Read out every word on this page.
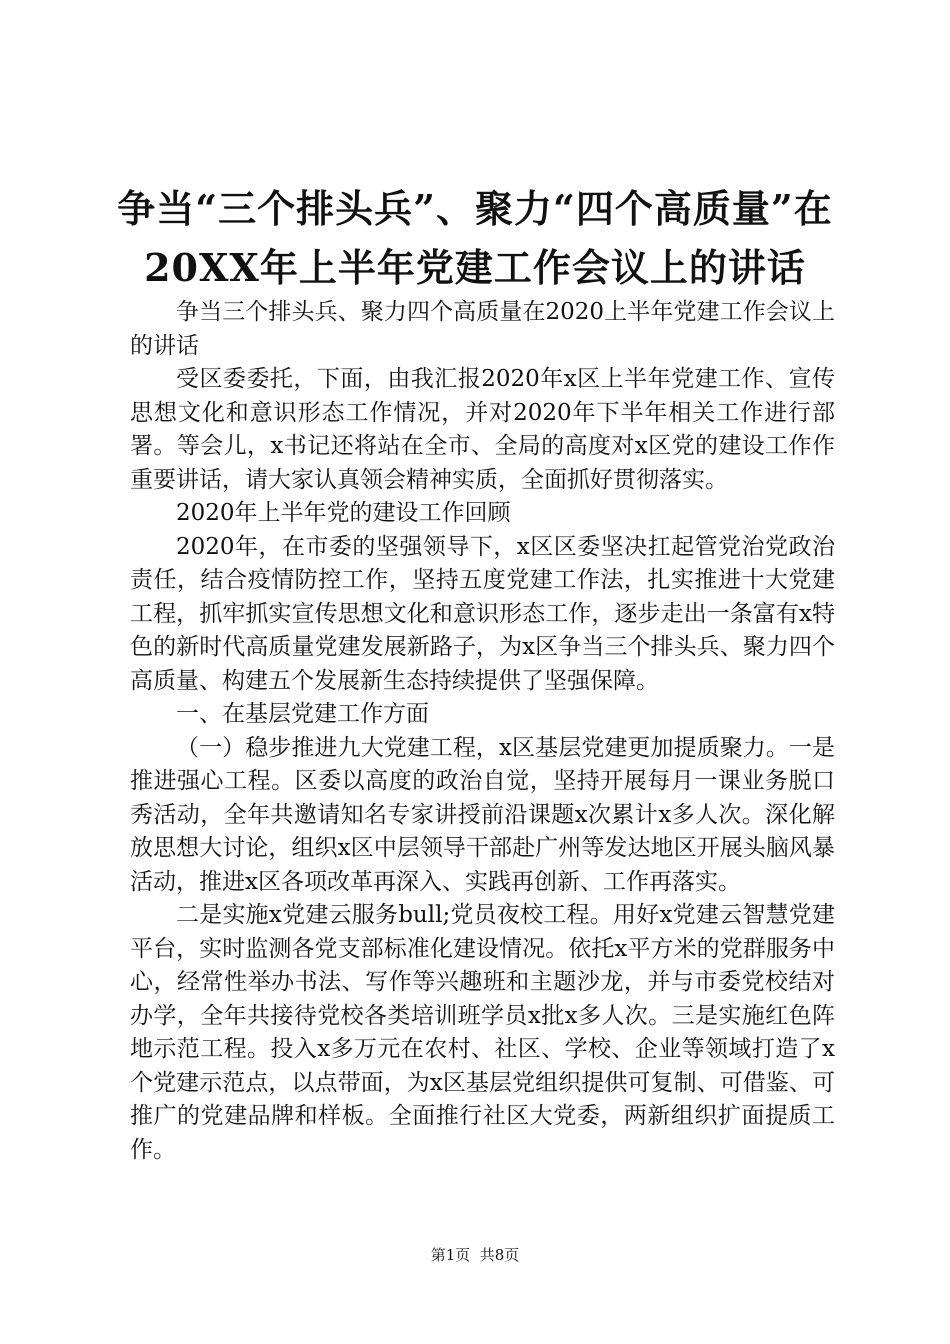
争当“三个排头兵”、聚力“四个高质量”在
20XX年上半年党建工作会议上的讲话

争当三个排头兵、聚力四个高质量在2020上半年党建工作会议上的讲话

受区委委托，下面，由我汇报2020年x区上半年党建工作、宣传思想文化和意识形态工作情况，并对2020年下半年相关工作进行部署。等会儿，x书记还将站在全市、全局的高度对x区党的建设工作作重要讲话，请大家认真领会精神实质，全面抓好贯彻落实。

2020年上半年党的建设工作回顾

2020年，在市委的坚强领导下，x区区委坚决扛起管党治党政治责任，结合疫情防控工作，坚持五度党建工作法，扎实推进十大党建工程，抓牢抓实宣传思想文化和意识形态工作，逐步走出一条富有x特色的新时代高质量党建发展新路子，为x区争当三个排头兵、聚力四个高质量、构建五个发展新生态持续提供了坚强保障。

一、在基层党建工作方面

（一）稳步推进九大党建工程，x区基层党建更加提质聚力。一是推进强心工程。区委以高度的政治自觉，坚持开展每月一课业务脱口秀活动，全年共邀请知名专家讲授前沿课题x次累计x多人次。深化解放思想大讨论，组织x区中层领导干部赴广州等发达地区开展头脑风暴活动，推进x区各项改革再深入、实践再创新、工作再落实。

二是实施x党建云服务bull;党员夜校工程。用好x党建云智慧党建平台，实时监测各党支部标准化建设情况。依托x平方米的党群服务中心，经常性举办书法、写作等兴趣班和主题沙龙，并与市委党校结对办学，全年共接待党校各类培训班学员x批x多人次。三是实施红色阵地示范工程。投入x多万元在农村、社区、学校、企业等领域打造了x个党建示范点，以点带面，为x区基层党组织提供可复制、可借鉴、可推广的党建品牌和样板。全面推行社区大党委，两新组织扩面提质工作。

第1页  共8页
